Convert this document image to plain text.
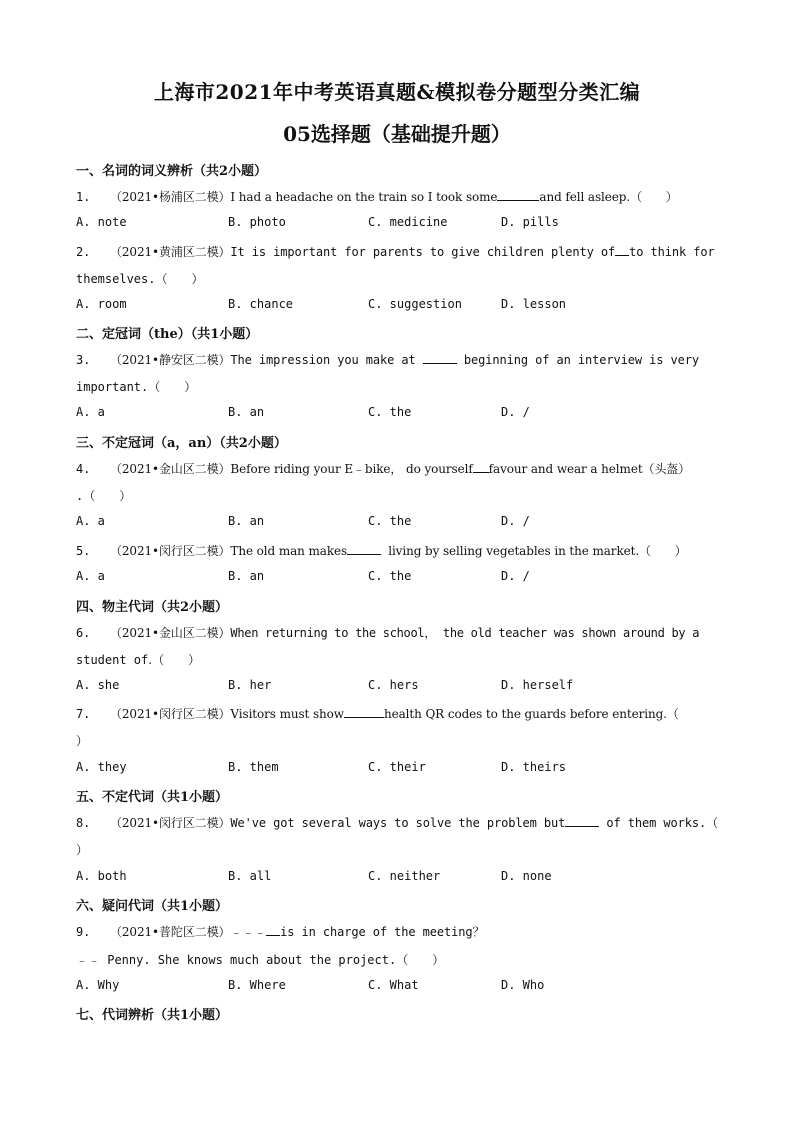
上海市2021年中考英语真题&模拟卷分题型分类汇编
05选择题（基础提升题）
一、名词的词义辨析（共2小题）
1. （2021•杨浦区二模）I had a headache on the train so I took some	and fell asleep.（　　）
A. note	B. photo	C. medicine	D. pills
2. （2021•黄浦区二模）It is important for parents to give children plenty of to think for
themselves.（　　）
A. room	B. chance	C. suggestion	D. lesson
二、定冠词（the）（共1小题）
3. （2021•静安区二模）The impression you make at	beginning of an interview is very
important.（　　）
A. a	B. an	C. the	D. /
三、不定冠词（a，an）（共2小题）
4. （2021•金山区二模）Before riding your E﹣bike， do yourself favour and wear a helmet（头盔）
.（　　）
A. a	B. an	C. the	D. /
5. （2021•闵行区二模）The old man makes	living by selling vegetables in the market.（　　）
A. a	B. an	C. the	D. /
四、物主代词（共2小题）
6. （2021•金山区二模）When returning to the school， the old teacher was shown around by a
student of.（　　）
A. she	B. her	C. hers	D. herself
7. （2021•闵行区二模）Visitors must show	health QR codes to the guards before entering.（
）
A. they	B. them	C. their	D. theirs
五、不定代词（共1小题）
8. （2021•闵行区二模）We've got several ways to solve the problem but	of them works.（
）
A. both	B. all	C. neither	D. none
六、疑问代词（共1小题）
9. （2021•普陀区二模）﹣﹣﹣ is in charge of the meeting？
﹣﹣ Penny. She knows much about the project.（　　）
A. Why	B. Where	C. What	D. Who
七、代词辨析（共1小题）
